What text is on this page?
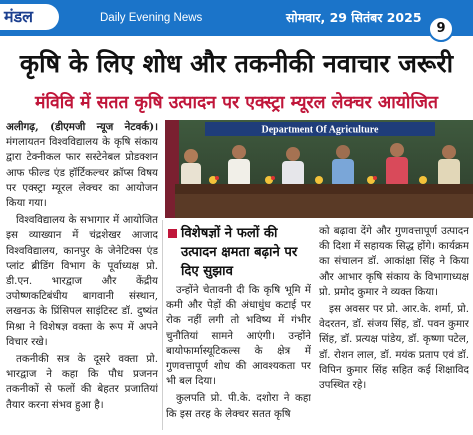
मंडल	Daily Evening News	सोमवार, 29 सितंबर 2025
9
कृषि के लिए शोध और तकनीकी नवाचार जरूरी
मंविवि में सतत कृषि उत्पादन पर एक्स्ट्रा म्यूरल लेक्चर आयोजित

अलीगढ़, (डीएमजी न्यूज नेटवर्क)। मंगलायतन विश्वविद्यालय के कृषि संकाय द्वारा टेक्नीकल फार सस्टेनेबल प्रोडक्शन आफ फील्ड एंड हॉर्टिकल्चर क्रॉप्स विषय पर एक्स्ट्रा म्यूरल लेक्चर का आयोजन किया गया।

विश्वविद्यालय के सभागार में आयोजित इस व्याख्यान में चंद्रशेखर आजाद विश्वविद्यालय, कानपुर के जेनेटिक्स एंड प्लांट ब्रीडिंग विभाग के पूर्वाध्यक्ष प्रो. डी.एन. भारद्वाज और केंद्रीय उपोष्णकटिबंधीय बागवानी संस्थान, लखनऊ के प्रिंसिपल साइंटिस्ट डॉ. दुष्यंत मिश्रा ने विशेषज्ञ वक्ता के रूप में अपने विचार रखे।

तकनीकी सत्र के दूसरे वक्ता प्रो. भारद्वाज ने कहा कि पौध प्रजनन तकनीकों से फलों की बेहतर प्रजातियां तैयार करना संभव हुआ है।

Department Of Agriculture
विशेषज्ञों ने फलों की उत्पादन क्षमता बढ़ाने पर दिए सुझाव

उन्होंने चेतावनी दी कि कृषि भूमि में कमी और पेड़ों की अंधाधुंध कटाई पर रोक नहीं लगी तो भविष्य में गंभीर चुनौतियां सामने आएंगी। उन्होंने बायोफार्मास्यूटिकल्स के क्षेत्र में गुणवत्तापूर्ण शोध की आवश्यकता पर भी बल दिया।

कुलपति प्रो. पी.के. दशोरा ने कहा कि इस तरह के लेक्चर सतत कृषि

को बढ़ावा देंगे और गुणवत्तापूर्ण उत्पादन की दिशा में सहायक सिद्ध होंगे। कार्यक्रम का संचालन डॉ. आकांक्षा सिंह ने किया और आभार कृषि संकाय के विभागाध्यक्ष प्रो. प्रमोद कुमार ने व्यक्त किया।

इस अवसर पर प्रो. आर.के. शर्मा, प्रो. वेदरतन, डॉ. संजय सिंह, डॉ. पवन कुमार सिंह, डॉ. प्रत्यक्ष पांडेय, डॉ. कृष्णा पटेल, डॉ. रोशन लाल, डॉ. मयंक प्रताप एवं डॉ. विपिन कुमार सिंह सहित कई शिक्षाविद उपस्थित रहे।
